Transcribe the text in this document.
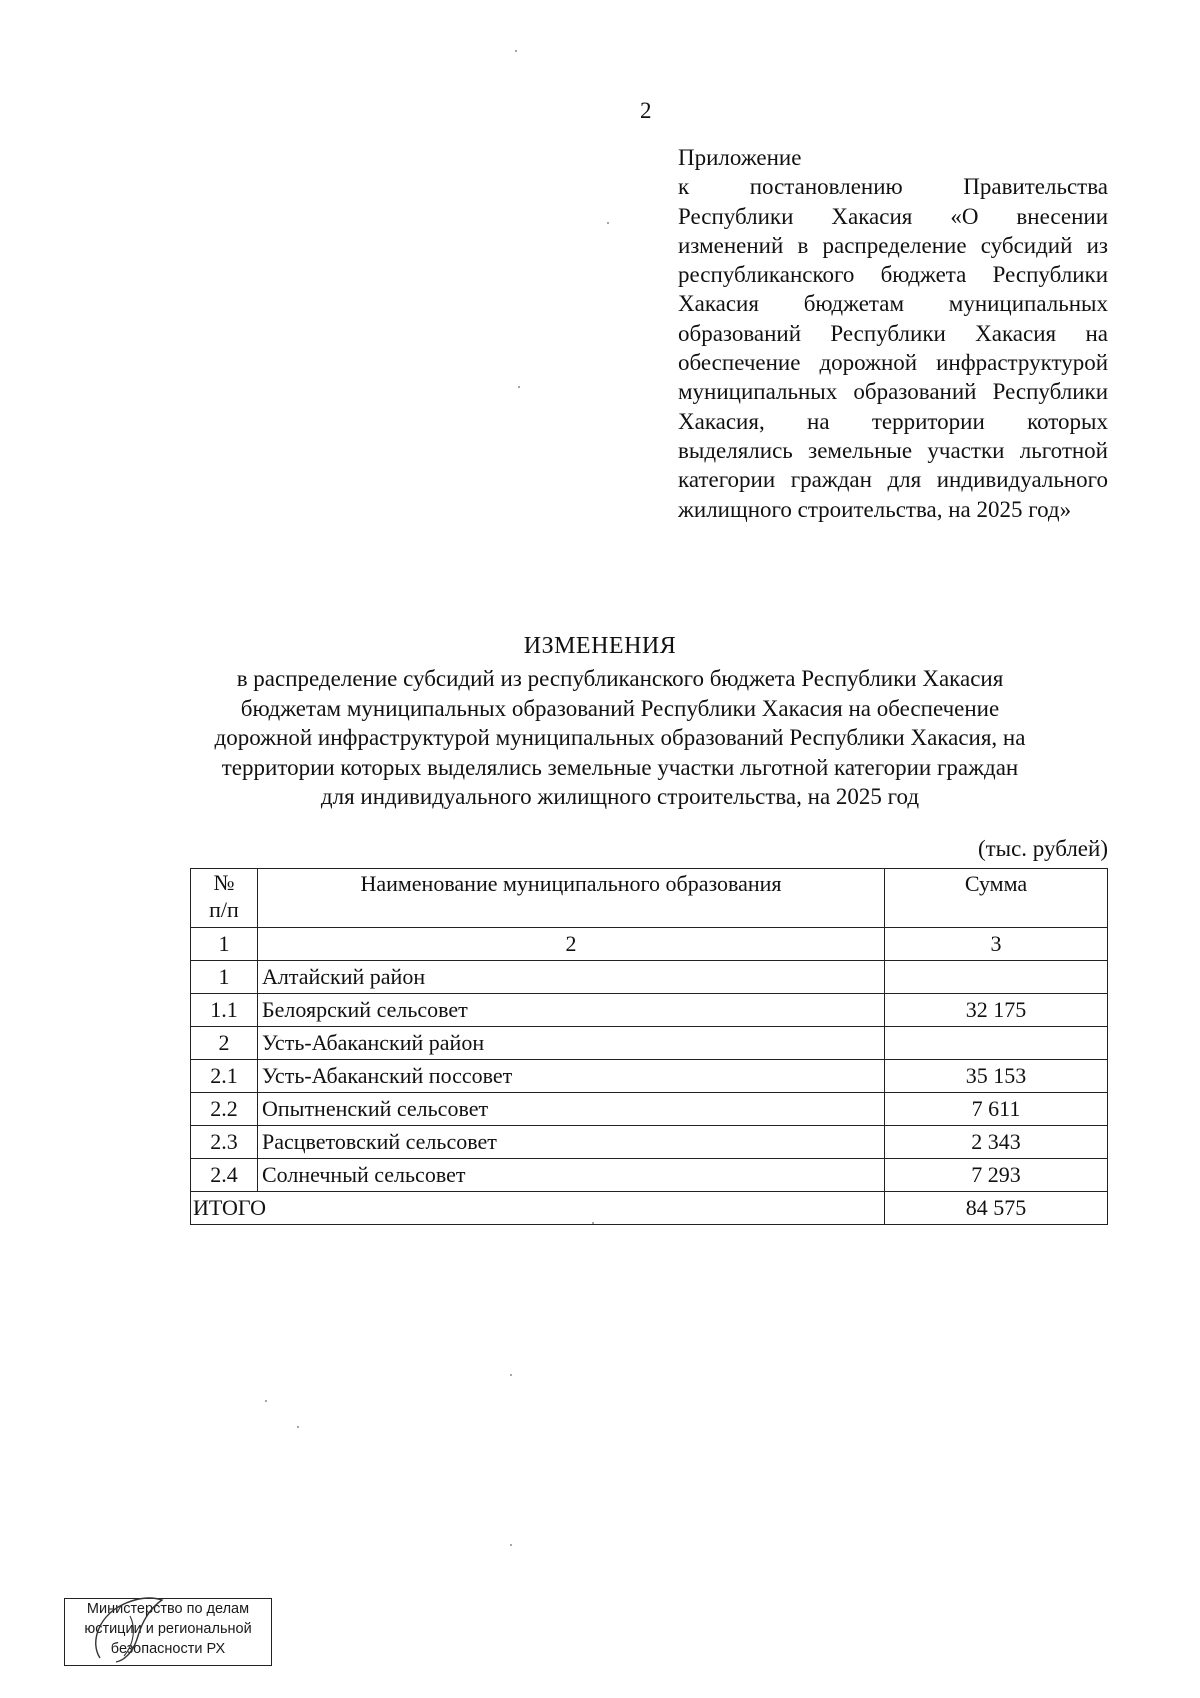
2
Приложение
к постановлению Правительства Республики Хакасия «О внесении изменений в распределение субсидий из республиканского бюджета Республики Хакасия бюджетам муниципальных образований Республики Хакасия на обеспечение дорожной инфраструктурой муниципальных образований Республики Хакасия, на территории которых выделялись земельные участки льготной категории граждан для индивидуального жилищного строительства, на 2025 год»
ИЗМЕНЕНИЯ
в распределение субсидий из республиканского бюджета Республики Хакасия
бюджетам муниципальных образований Республики Хакасия на обеспечение
дорожной инфраструктурой муниципальных образований Республики Хакасия, на
территории которых выделялись земельные участки льготной категории граждан
для индивидуального жилищного строительства, на 2025 год
(тыс. рублей)
№
п/п	Наименование муниципального образования	Сумма
1	2	3
1	Алтайский район	
1.1	Белоярский сельсовет	32 175
2	Усть-Абаканский район	
2.1	Усть-Абаканский поссовет	35 153
2.2	Опытненский сельсовет	7 611
2.3	Расцветовский сельсовет	2 343
2.4	Солнечный сельсовет	7 293
ИТОГО		84 575
Министерство по делам
юстиции и региональной
безопасности РХ
